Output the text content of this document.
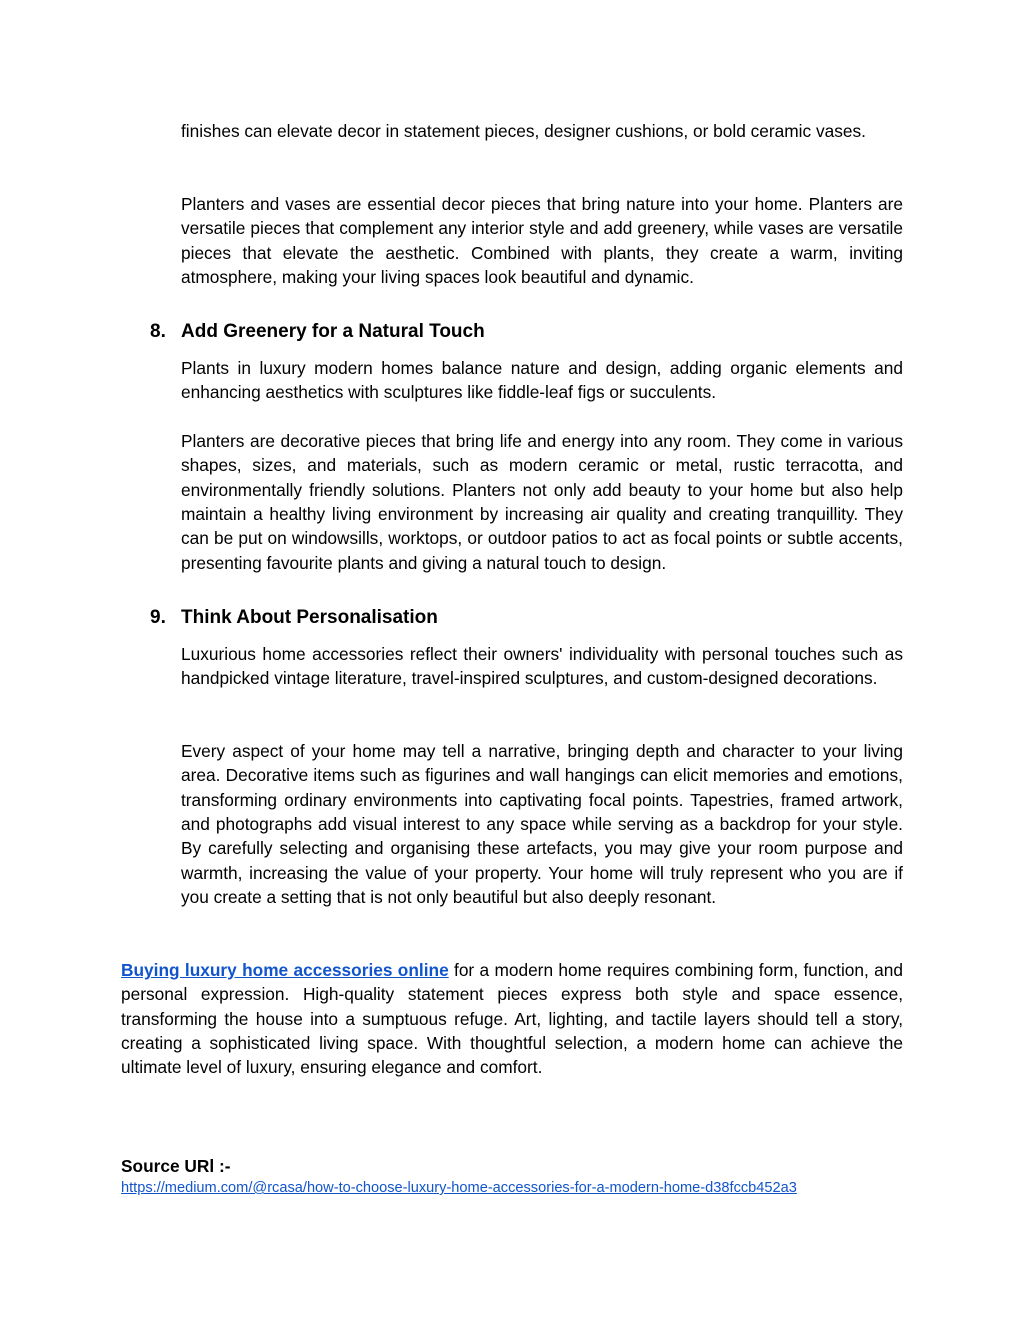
finishes can elevate decor in statement pieces, designer cushions, or bold ceramic vases.

Planters and vases are essential decor pieces that bring nature into your home. Planters are versatile pieces that complement any interior style and add greenery, while vases are versatile pieces that elevate the aesthetic. Combined with plants, they create a warm, inviting atmosphere, making your living spaces look beautiful and dynamic.

8. Add Greenery for a Natural Touch

Plants in luxury modern homes balance nature and design, adding organic elements and enhancing aesthetics with sculptures like fiddle-leaf figs or succulents.

Planters are decorative pieces that bring life and energy into any room. They come in various shapes, sizes, and materials, such as modern ceramic or metal, rustic terracotta, and environmentally friendly solutions. Planters not only add beauty to your home but also help maintain a healthy living environment by increasing air quality and creating tranquillity. They can be put on windowsills, worktops, or outdoor patios to act as focal points or subtle accents, presenting favourite plants and giving a natural touch to design.

9. Think About Personalisation

Luxurious home accessories reflect their owners' individuality with personal touches such as handpicked vintage literature, travel-inspired sculptures, and custom-designed decorations.

Every aspect of your home may tell a narrative, bringing depth and character to your living area. Decorative items such as figurines and wall hangings can elicit memories and emotions, transforming ordinary environments into captivating focal points. Tapestries, framed artwork, and photographs add visual interest to any space while serving as a backdrop for your style. By carefully selecting and organising these artefacts, you may give your room purpose and warmth, increasing the value of your property. Your home will truly represent who you are if you create a setting that is not only beautiful but also deeply resonant.

Buying luxury home accessories online for a modern home requires combining form, function, and personal expression. High-quality statement pieces express both style and space essence, transforming the house into a sumptuous refuge. Art, lighting, and tactile layers should tell a story, creating a sophisticated living space. With thoughtful selection, a modern home can achieve the ultimate level of luxury, ensuring elegance and comfort.

Source URl :-

https://medium.com/@rcasa/how-to-choose-luxury-home-accessories-for-a-modern-home-d38fccb452a3
